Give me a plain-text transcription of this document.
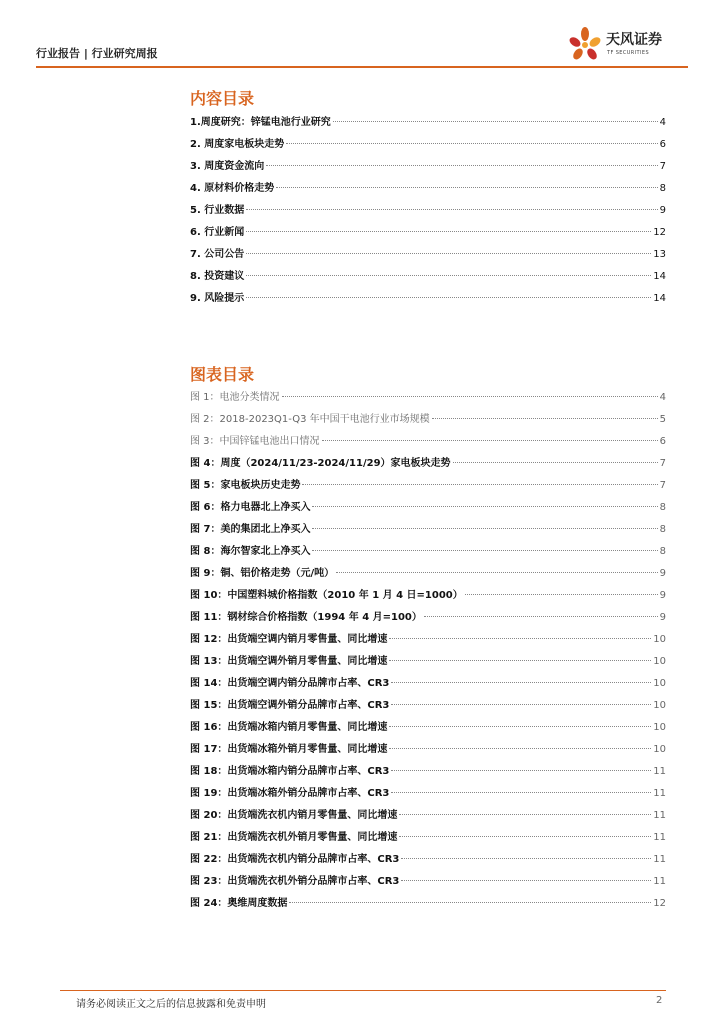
行业报告 | 行业研究周报
天风证券
TF SECURITIES
内容目录
1.周度研究：锌锰电池行业研究	4
2. 周度家电板块走势	6
3. 周度资金流向	7
4. 原材料价格走势	8
5. 行业数据	9
6. 行业新闻	12
7. 公司公告	13
8. 投资建议	14
9. 风险提示	14
图表目录
图 1：电池分类情况	4
图 2：2018-2023Q1-Q3 年中国干电池行业市场规模	5
图 3：中国锌锰电池出口情况	6
图 4：周度（2024/11/23-2024/11/29）家电板块走势	7
图 5：家电板块历史走势	7
图 6：格力电器北上净买入	8
图 7：美的集团北上净买入	8
图 8：海尔智家北上净买入	8
图 9：铜、铝价格走势（元/吨）	9
图 10：中国塑料城价格指数（2010 年 1 月 4 日=1000）	9
图 11：钢材综合价格指数（1994 年 4 月=100）	9
图 12：出货端空调内销月零售量、同比增速	10
图 13：出货端空调外销月零售量、同比增速	10
图 14：出货端空调内销分品牌市占率、CR3	10
图 15：出货端空调外销分品牌市占率、CR3	10
图 16：出货端冰箱内销月零售量、同比增速	10
图 17：出货端冰箱外销月零售量、同比增速	10
图 18：出货端冰箱内销分品牌市占率、CR3	11
图 19：出货端冰箱外销分品牌市占率、CR3	11
图 20：出货端洗衣机内销月零售量、同比增速	11
图 21：出货端洗衣机外销月零售量、同比增速	11
图 22：出货端洗衣机内销分品牌市占率、CR3	11
图 23：出货端洗衣机外销分品牌市占率、CR3	11
图 24：奥维周度数据	12
请务必阅读正文之后的信息披露和免责申明	2
